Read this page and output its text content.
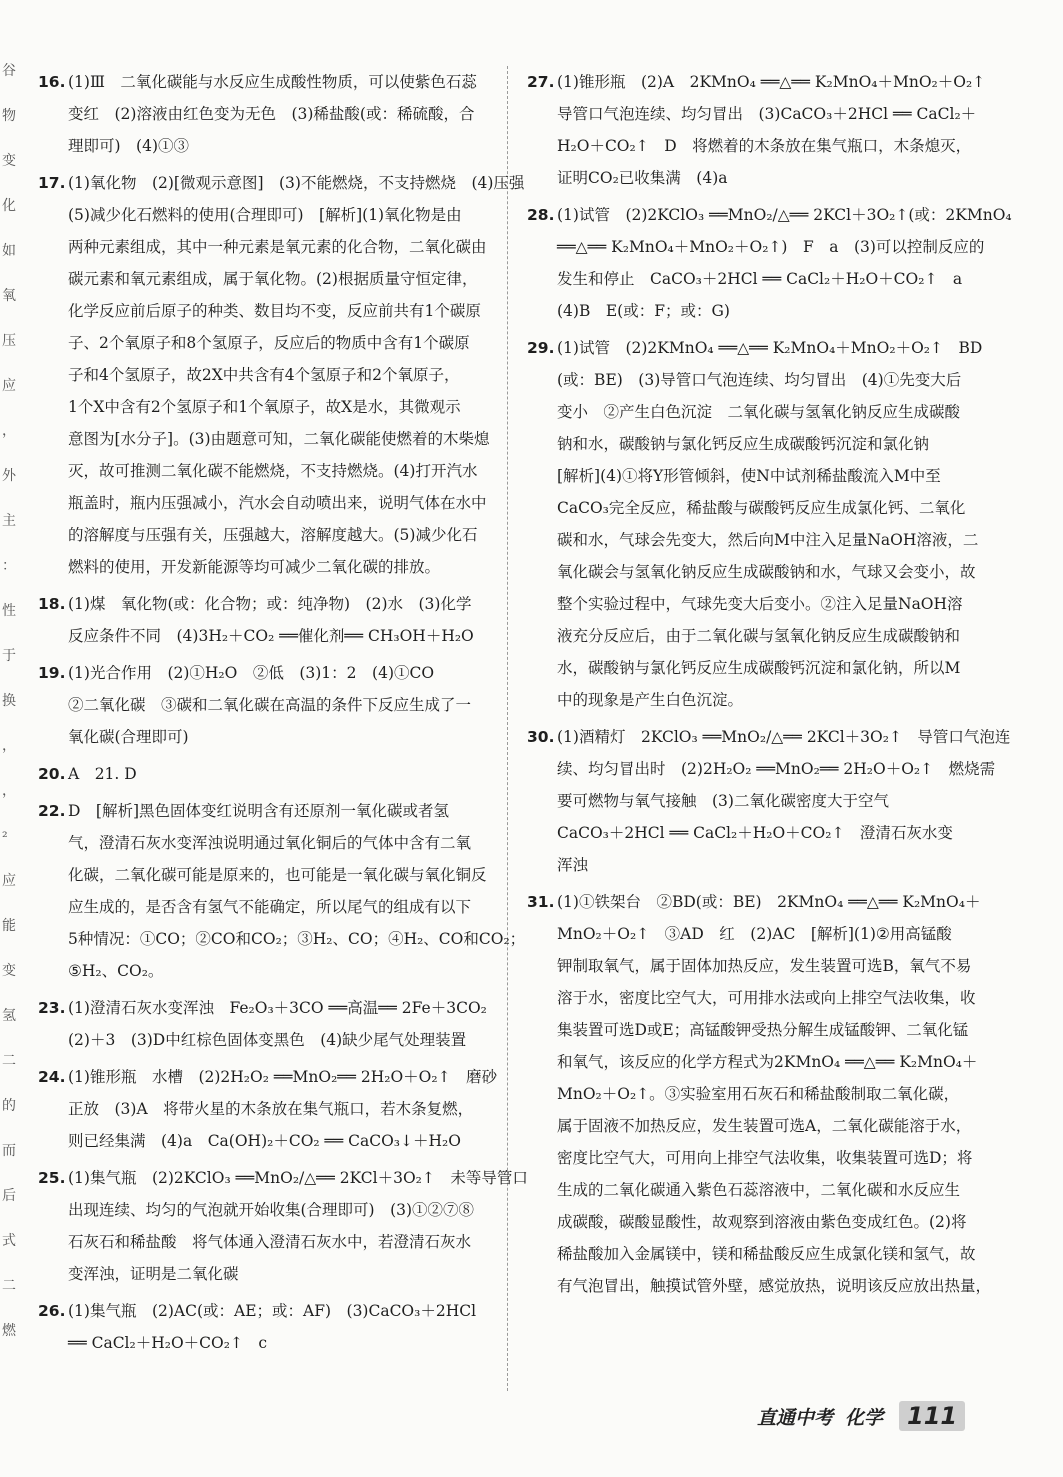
谷
物
变
化
如
氧
压
应
，
外
主
：
性
于
换
，
，
₂
应
能
变
氢
二
的
而
后
式
二
燃
16. (1)Ⅲ　二氧化碳能与水反应生成酸性物质，可以使紫色石蕊
变红　(2)溶液由红色变为无色　(3)稀盐酸(或：稀硫酸，合
理即可)　(4)①③
17. (1)氧化物　(2)[微观示意图]　(3)不能燃烧，不支持燃烧　(4)压强
(5)减少化石燃料的使用(合理即可)　[解析](1)氧化物是由
两种元素组成，其中一种元素是氧元素的化合物，二氧化碳由
碳元素和氧元素组成，属于氧化物。(2)根据质量守恒定律，
化学反应前后原子的种类、数目均不变，反应前共有1个碳原
子、2个氧原子和8个氢原子，反应后的物质中含有1个碳原
子和4个氢原子，故2X中共含有4个氢原子和2个氧原子，
1个X中含有2个氢原子和1个氧原子，故X是水，其微观示
意图为[水分子]。(3)由题意可知，二氧化碳能使燃着的木柴熄
灭，故可推测二氧化碳不能燃烧，不支持燃烧。(4)打开汽水
瓶盖时，瓶内压强减小，汽水会自动喷出来，说明气体在水中
的溶解度与压强有关，压强越大，溶解度越大。(5)减少化石
燃料的使用，开发新能源等均可减少二氧化碳的排放。
18. (1)煤　氧化物(或：化合物；或：纯净物)　(2)水　(3)化学
反应条件不同　(4)3H₂＋CO₂ ══催化剂══ CH₃OH＋H₂O
19. (1)光合作用　(2)①H₂O　②低　(3)1：2　(4)①CO
②二氧化碳　③碳和二氧化碳在高温的条件下反应生成了一
氧化碳(合理即可)
20. A　21. D
22. D　[解析]黑色固体变红说明含有还原剂一氧化碳或者氢
气，澄清石灰水变浑浊说明通过氧化铜后的气体中含有二氧
化碳，二氧化碳可能是原来的，也可能是一氧化碳与氧化铜反
应生成的，是否含有氢气不能确定，所以尾气的组成有以下
5种情况：①CO；②CO和CO₂；③H₂、CO；④H₂、CO和CO₂；
⑤H₂、CO₂。
23. (1)澄清石灰水变浑浊　Fe₂O₃＋3CO ══高温══ 2Fe＋3CO₂
(2)＋3　(3)D中红棕色固体变黑色　(4)缺少尾气处理装置
24. (1)锥形瓶　水槽　(2)2H₂O₂ ══MnO₂══ 2H₂O＋O₂↑　磨砂
正放　(3)A　将带火星的木条放在集气瓶口，若木条复燃，
则已经集满　(4)a　Ca(OH)₂＋CO₂ ══ CaCO₃↓＋H₂O
25. (1)集气瓶　(2)2KClO₃ ══MnO₂/△══ 2KCl＋3O₂↑　未等导管口
出现连续、均匀的气泡就开始收集(合理即可)　(3)①②⑦⑧
石灰石和稀盐酸　将气体通入澄清石灰水中，若澄清石灰水
变浑浊，证明是二氧化碳
26. (1)集气瓶　(2)AC(或：AE；或：AF)　(3)CaCO₃＋2HCl
══ CaCl₂＋H₂O＋CO₂↑　c
27. (1)锥形瓶　(2)A　2KMnO₄ ══△══ K₂MnO₄＋MnO₂＋O₂↑
导管口气泡连续、均匀冒出　(3)CaCO₃＋2HCl ══ CaCl₂＋
H₂O＋CO₂↑　D　将燃着的木条放在集气瓶口，木条熄灭，
证明CO₂已收集满　(4)a
28. (1)试管　(2)2KClO₃ ══MnO₂/△══ 2KCl＋3O₂↑(或：2KMnO₄
══△══ K₂MnO₄＋MnO₂＋O₂↑)　F　a　(3)可以控制反应的
发生和停止　CaCO₃＋2HCl ══ CaCl₂＋H₂O＋CO₂↑　a
(4)B　E(或：F；或：G)
29. (1)试管　(2)2KMnO₄ ══△══ K₂MnO₄＋MnO₂＋O₂↑　BD
(或：BE)　(3)导管口气泡连续、均匀冒出　(4)①先变大后
变小　②产生白色沉淀　二氧化碳与氢氧化钠反应生成碳酸
钠和水，碳酸钠与氯化钙反应生成碳酸钙沉淀和氯化钠
[解析](4)①将Y形管倾斜，使N中试剂稀盐酸流入M中至
CaCO₃完全反应，稀盐酸与碳酸钙反应生成氯化钙、二氧化
碳和水，气球会先变大，然后向M中注入足量NaOH溶液，二
氧化碳会与氢氧化钠反应生成碳酸钠和水，气球又会变小，故
整个实验过程中，气球先变大后变小。②注入足量NaOH溶
液充分反应后，由于二氧化碳与氢氧化钠反应生成碳酸钠和
水，碳酸钠与氯化钙反应生成碳酸钙沉淀和氯化钠，所以M
中的现象是产生白色沉淀。
30. (1)酒精灯　2KClO₃ ══MnO₂/△══ 2KCl＋3O₂↑　导管口气泡连
续、均匀冒出时　(2)2H₂O₂ ══MnO₂══ 2H₂O＋O₂↑　燃烧需
要可燃物与氧气接触　(3)二氧化碳密度大于空气
CaCO₃＋2HCl ══ CaCl₂＋H₂O＋CO₂↑　澄清石灰水变
浑浊
31. (1)①铁架台　②BD(或：BE)　2KMnO₄ ══△══ K₂MnO₄＋
MnO₂＋O₂↑　③AD　红　(2)AC　[解析](1)②用高锰酸
钾制取氧气，属于固体加热反应，发生装置可选B，氧气不易
溶于水，密度比空气大，可用排水法或向上排空气法收集，收
集装置可选D或E；高锰酸钾受热分解生成锰酸钾、二氧化锰
和氧气，该反应的化学方程式为2KMnO₄ ══△══ K₂MnO₄＋
MnO₂＋O₂↑。③实验室用石灰石和稀盐酸制取二氧化碳，
属于固液不加热反应，发生装置可选A，二氧化碳能溶于水，
密度比空气大，可用向上排空气法收集，收集装置可选D；将
生成的二氧化碳通入紫色石蕊溶液中，二氧化碳和水反应生
成碳酸，碳酸显酸性，故观察到溶液由紫色变成红色。(2)将
稀盐酸加入金属镁中，镁和稀盐酸反应生成氯化镁和氢气，故
有气泡冒出，触摸试管外壁，感觉放热，说明该反应放出热量，
直通中考 化学	111
